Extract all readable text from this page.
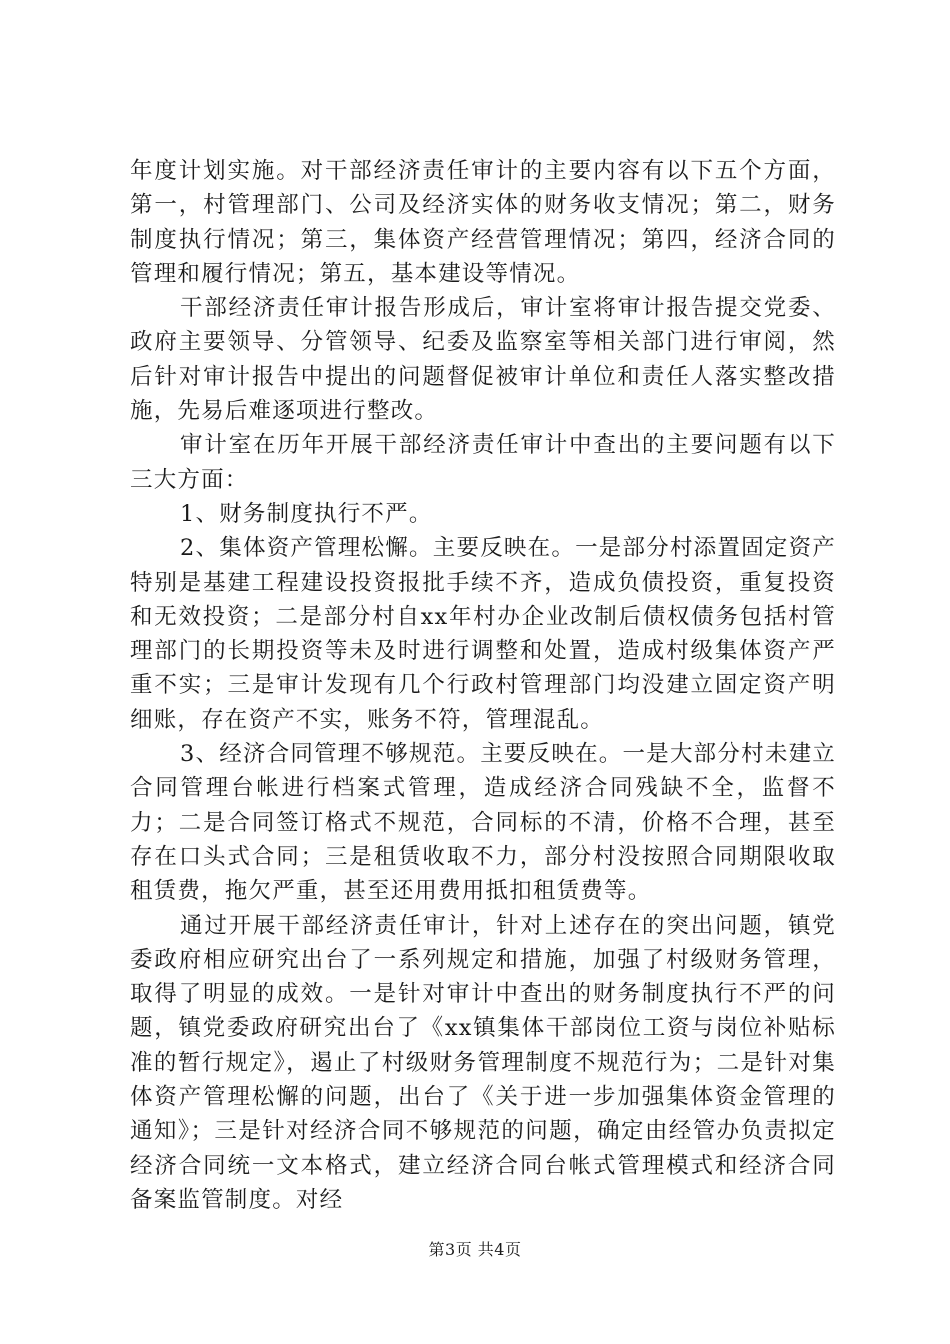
年度计划实施。对干部经济责任审计的主要内容有以下五个方面，第一，村管理部门、公司及经济实体的财务收支情况；第二，财务制度执行情况；第三，集体资产经营管理情况；第四，经济合同的管理和履行情况；第五，基本建设等情况。

干部经济责任审计报告形成后，审计室将审计报告提交党委、政府主要领导、分管领导、纪委及监察室等相关部门进行审阅，然后针对审计报告中提出的问题督促被审计单位和责任人落实整改措施，先易后难逐项进行整改。

审计室在历年开展干部经济责任审计中查出的主要问题有以下三大方面：

1、财务制度执行不严。

2、集体资产管理松懈。主要反映在。一是部分村添置固定资产特别是基建工程建设投资报批手续不齐，造成负债投资，重复投资和无效投资；二是部分村自xx年村办企业改制后债权债务包括村管理部门的长期投资等未及时进行调整和处置，造成村级集体资产严重不实；三是审计发现有几个行政村管理部门均没建立固定资产明细账，存在资产不实，账务不符，管理混乱。

3、经济合同管理不够规范。主要反映在。一是大部分村未建立合同管理台帐进行档案式管理，造成经济合同残缺不全，监督不力；二是合同签订格式不规范，合同标的不清，价格不合理，甚至存在口头式合同；三是租赁收取不力，部分村没按照合同期限收取租赁费，拖欠严重，甚至还用费用抵扣租赁费等。

通过开展干部经济责任审计，针对上述存在的突出问题，镇党委政府相应研究出台了一系列规定和措施，加强了村级财务管理，取得了明显的成效。一是针对审计中查出的财务制度执行不严的问题，镇党委政府研究出台了《xx镇集体干部岗位工资与岗位补贴标准的暂行规定》，遏止了村级财务管理制度不规范行为；二是针对集体资产管理松懈的问题，出台了《关于进一步加强集体资金管理的通知》；三是针对经济合同不够规范的问题，确定由经管办负责拟定经济合同统一文本格式，建立经济合同台帐式管理模式和经济合同备案监管制度。对经

第3页 共4页
